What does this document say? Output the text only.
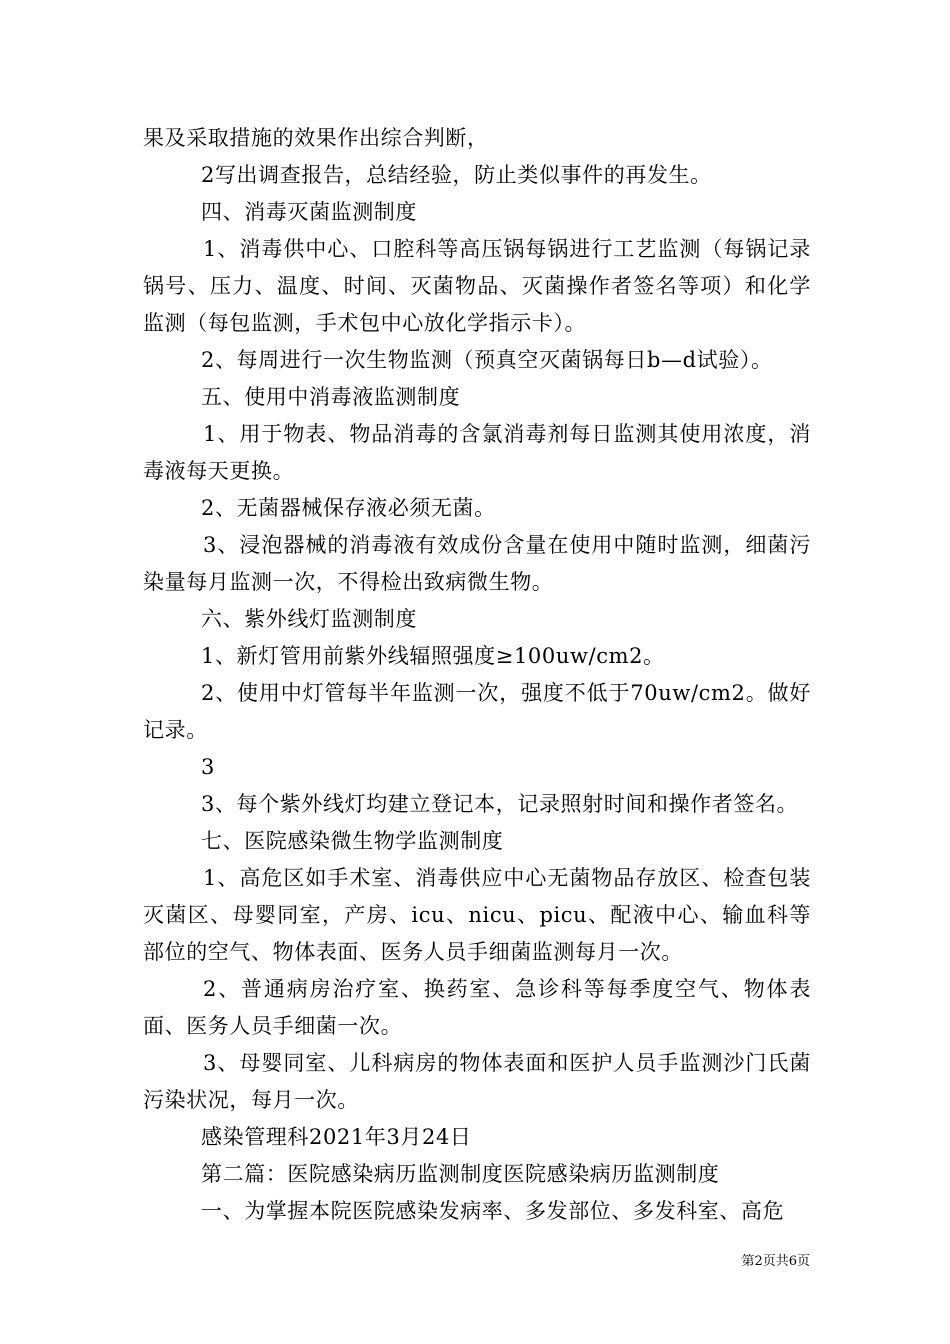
果及采取措施的效果作出综合判断，

2写出调查报告，总结经验，防止类似事件的再发生。

四、消毒灭菌监测制度

1、消毒供中心、口腔科等高压锅每锅进行工艺监测（每锅记录锅号、压力、温度、时间、灭菌物品、灭菌操作者签名等项）和化学监测（每包监测，手术包中心放化学指示卡）。

2、每周进行一次生物监测（预真空灭菌锅每日b—d试验）。

五、使用中消毒液监测制度

1、用于物表、物品消毒的含氯消毒剂每日监测其使用浓度，消毒液每天更换。

2、无菌器械保存液必须无菌。

3、浸泡器械的消毒液有效成份含量在使用中随时监测，细菌污染量每月监测一次，不得检出致病微生物。

六、紫外线灯监测制度

1、新灯管用前紫外线辐照强度≥100uw/cm2。

2、使用中灯管每半年监测一次，强度不低于70uw/cm2。做好记录。

3

3、每个紫外线灯均建立登记本，记录照射时间和操作者签名。

七、医院感染微生物学监测制度

1、高危区如手术室、消毒供应中心无菌物品存放区、检查包装灭菌区、母婴同室，产房、icu、nicu、picu、配液中心、输血科等部位的空气、物体表面、医务人员手细菌监测每月一次。

2、普通病房治疗室、换药室、急诊科等每季度空气、物体表面、医务人员手细菌一次。

3、母婴同室、儿科病房的物体表面和医护人员手监测沙门氏菌污染状况，每月一次。

感染管理科2021年3月24日

第二篇：医院感染病历监测制度医院感染病历监测制度

一、为掌握本院医院感染发病率、多发部位、多发科室、高危

第2页共6页
